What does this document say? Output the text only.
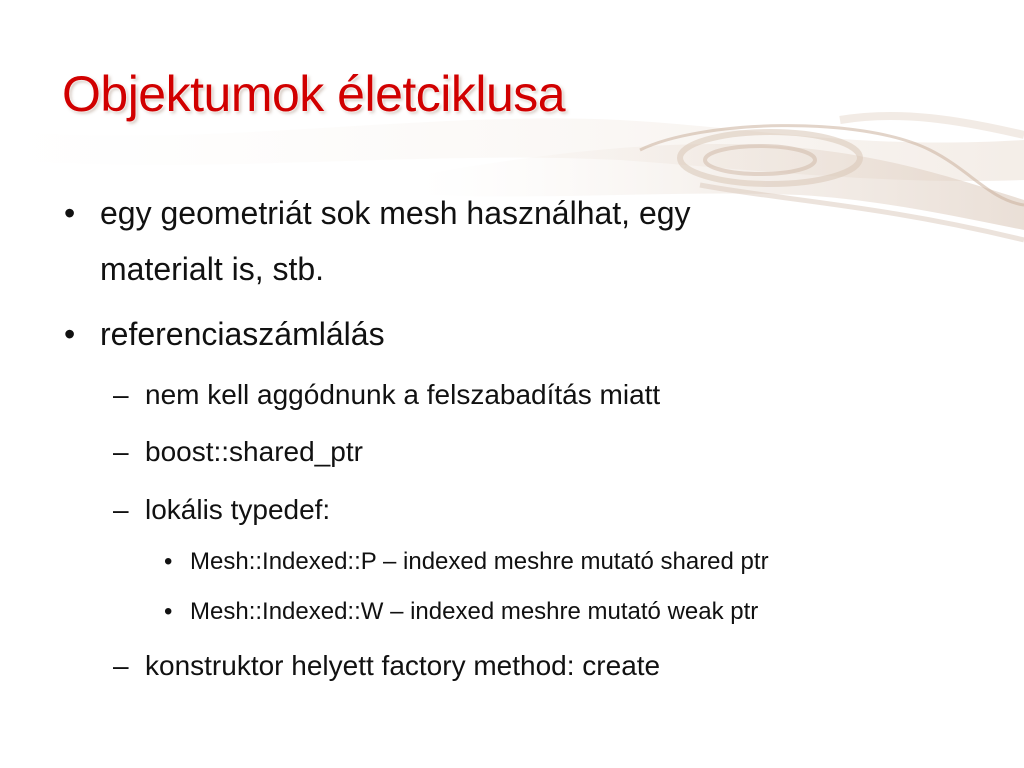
Objektumok életciklusa
• egy geometriát sok mesh használhat, egy
materialt is, stb.
• referenciaszámlálás
– nem kell aggódnunk a felszabadítás miatt
– boost::shared_ptr
– lokális typedef:
• Mesh::Indexed::P – indexed meshre mutató shared ptr
• Mesh::Indexed::W – indexed meshre mutató weak ptr
– konstruktor helyett factory method: create
